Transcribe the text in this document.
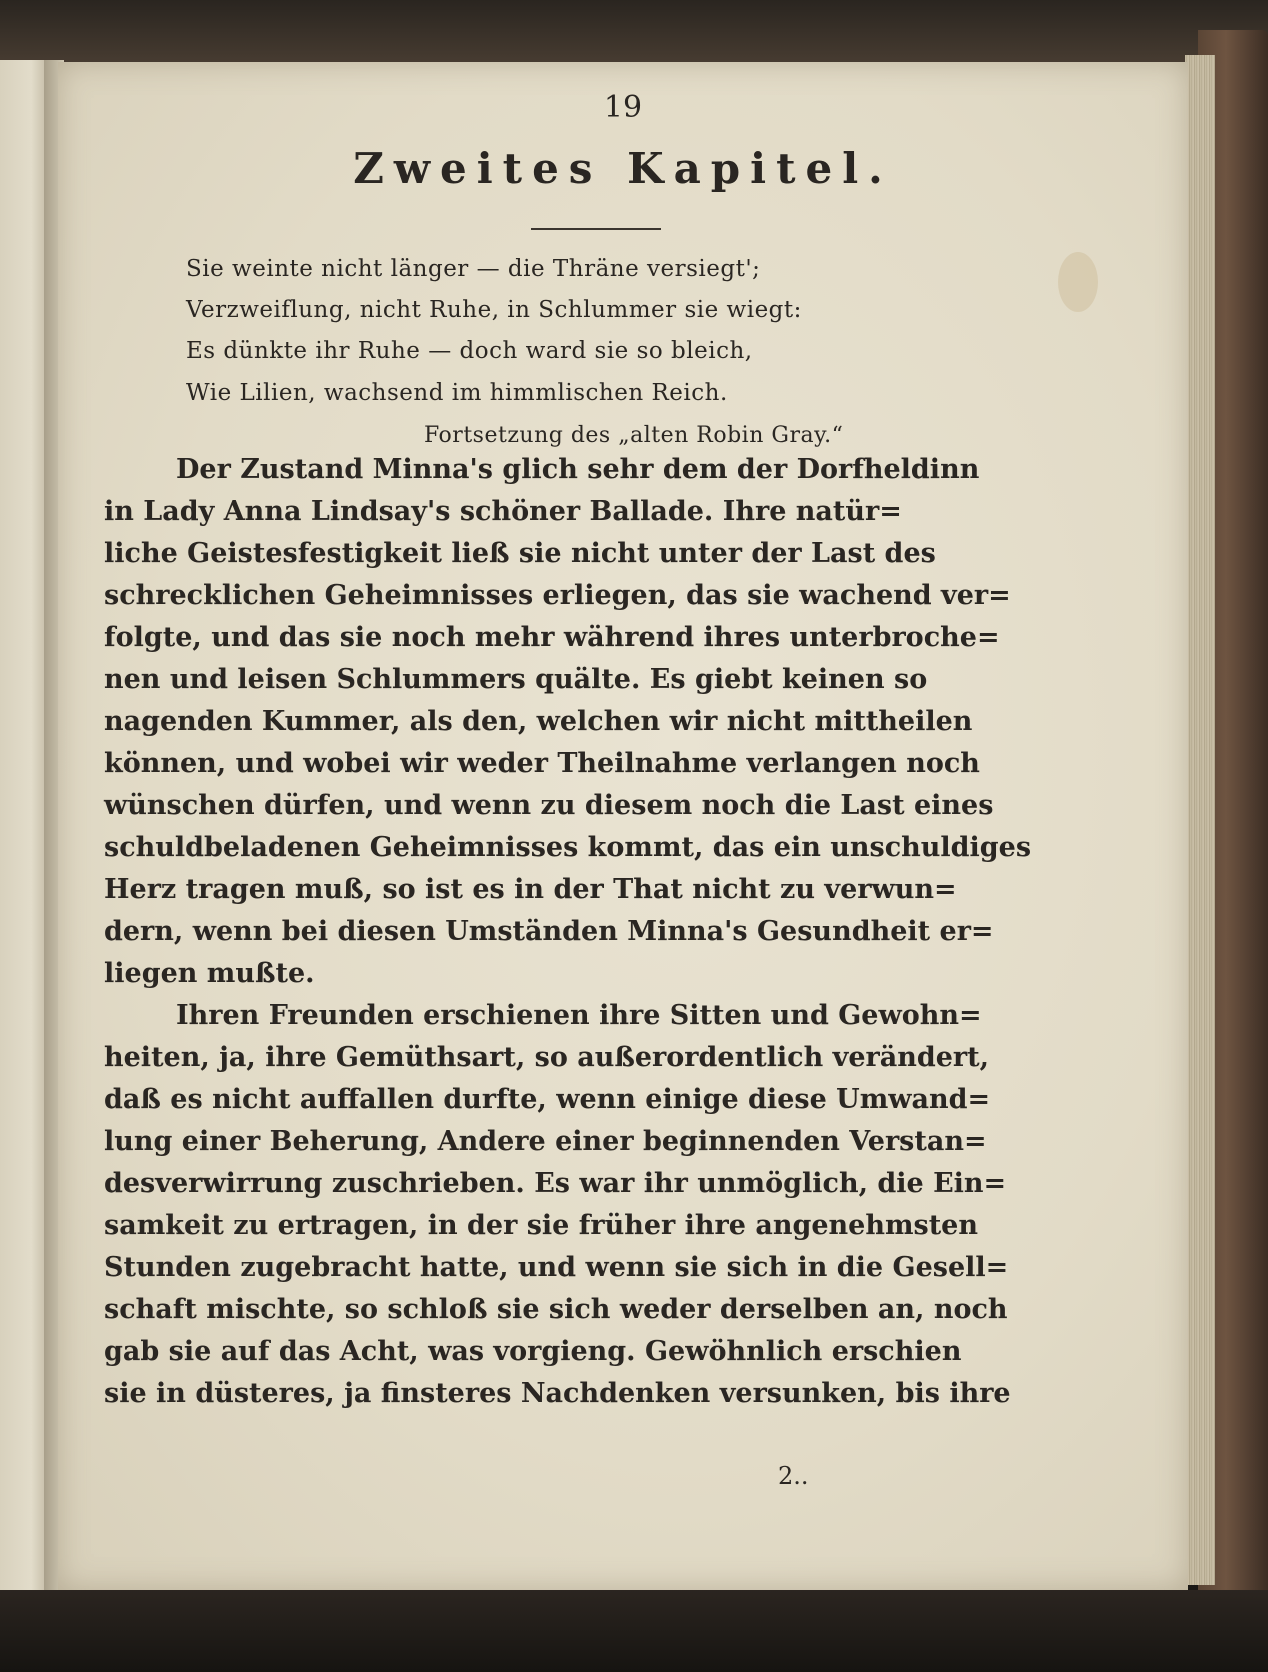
19
Zweites Kapitel.
Sie weinte nicht länger — die Thräne versiegt';
Verzweiflung, nicht Ruhe, in Schlummer sie wiegt:
Es dünkte ihr Ruhe — doch ward sie so bleich,
Wie Lilien, wachsend im himmlischen Reich.
Fortsetzung des „alten Robin Gray.“
Der Zustand Minna's glich sehr dem der Dorfheldinn
in Lady Anna Lindsay's schöner Ballade. Ihre natür=
liche Geistesfestigkeit ließ sie nicht unter der Last des
schrecklichen Geheimnisses erliegen, das sie wachend ver=
folgte, und das sie noch mehr während ihres unterbroche=
nen und leisen Schlummers quälte. Es giebt keinen so
nagenden Kummer, als den, welchen wir nicht mittheilen
können, und wobei wir weder Theilnahme verlangen noch
wünschen dürfen, und wenn zu diesem noch die Last eines
schuldbeladenen Geheimnisses kommt, das ein unschuldiges
Herz tragen muß, so ist es in der That nicht zu verwun=
dern, wenn bei diesen Umständen Minna's Gesundheit er=
liegen mußte.
Ihren Freunden erschienen ihre Sitten und Gewohn=
heiten, ja, ihre Gemüthsart, so außerordentlich verändert,
daß es nicht auffallen durfte, wenn einige diese Umwand=
lung einer Beherung, Andere einer beginnenden Verstan=
desverwirrung zuschrieben. Es war ihr unmöglich, die Ein=
samkeit zu ertragen, in der sie früher ihre angenehmsten
Stunden zugebracht hatte, und wenn sie sich in die Gesell=
schaft mischte, so schloß sie sich weder derselben an, noch
gab sie auf das Acht, was vorgieng. Gewöhnlich erschien
sie in düsteres, ja finsteres Nachdenken versunken, bis ihre
2..
